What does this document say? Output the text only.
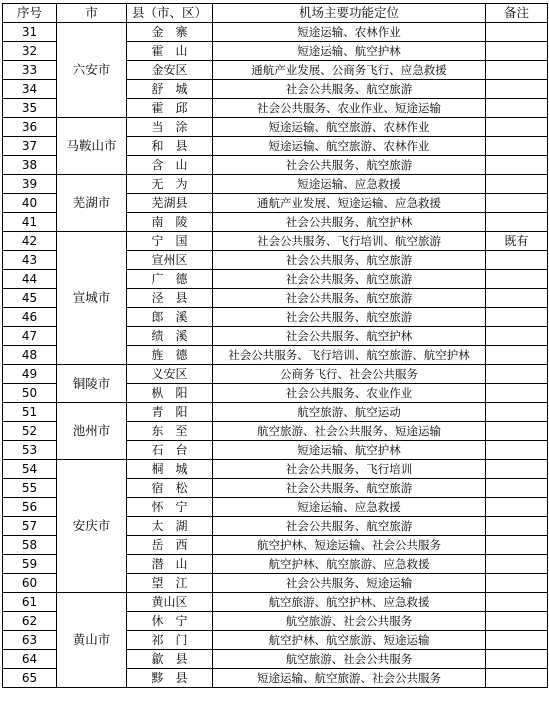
序号	市	县（市、区）	机场主要功能定位	备注
31	六安市	金　寨	短途运输、农林作业	
32		霍　山	短途运输、航空护林	
33		金安区	通航产业发展、公商务飞行、应急救援	
34		舒　城	社会公共服务、航空旅游	
35		霍　邱	社会公共服务、农业作业、短途运输	
36	马鞍山市	当　涂	短途运输、航空旅游、农林作业	
37		和　县	短途运输、航空旅游、农林作业	
38		含　山	社会公共服务、航空旅游	
39	芜湖市	无　为	短途运输、应急救援	
40		芜湖县	通航产业发展、短途运输、应急救援	
41		南　陵	社会公共服务、航空护林	
42	宣城市	宁　国	社会公共服务、飞行培训、航空旅游	既有
43		宣州区	社会公共服务、航空旅游	
44		广　德	社会公共服务、航空旅游	
45		泾　县	社会公共服务、航空旅游	
46		郎　溪	社会公共服务、航空旅游	
47		绩　溪	社会公共服务、航空护林	
48		旌　德	社会公共服务、飞行培训、航空旅游、航空护林	
49	铜陵市	义安区	公商务飞行、社会公共服务	
50		枞　阳	社会公共服务、农业作业	
51	池州市	青　阳	航空旅游、航空运动	
52		东　至	航空旅游、社会公共服务、短途运输	
53		石　台	短途运输、航空护林	
54	安庆市	桐　城	社会公共服务、飞行培训	
55		宿　松	社会公共服务、航空旅游	
56		怀　宁	短途运输、应急救援	
57		太　湖	社会公共服务、航空旅游	
58		岳　西	航空护林、短途运输、社会公共服务	
59		潜　山	航空护林、航空旅游、应急救援	
60		望　江	社会公共服务、短途运输	
61	黄山市	黄山区	航空旅游、航空护林、应急救援	
62		休　宁	航空旅游、社会公共服务	
63		祁　门	航空护林、航空旅游、短途运输	
64		歙　县	航空旅游、社会公共服务	
65		黟　县	短途运输、航空旅游、社会公共服务	
